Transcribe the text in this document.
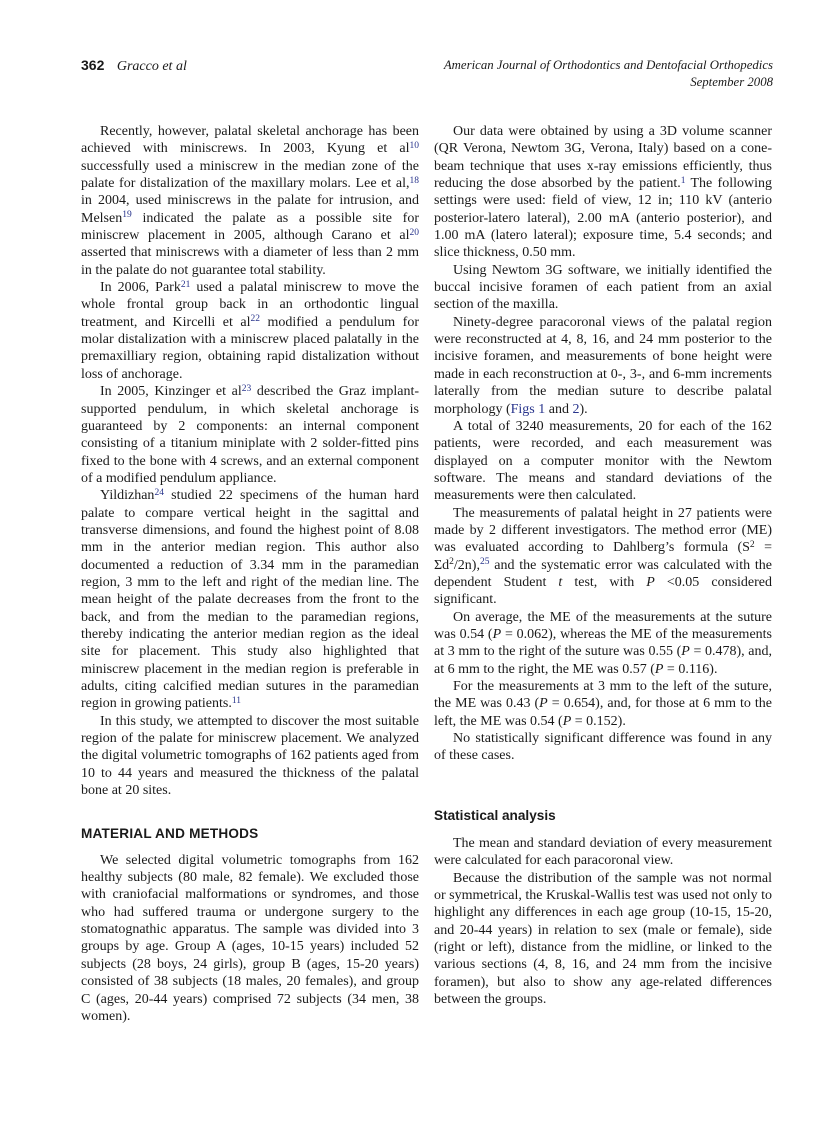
362 Gracco et al	American Journal of Orthodontics and Dentofacial Orthopedics
September 2008

Recently, however, palatal skeletal anchorage has been achieved with miniscrews. In 2003, Kyung et al$^{10}$ successfully used a miniscrew in the median zone of the palate for distalization of the maxillary molars. Lee et al,$^{18}$ in 2004, used miniscrews in the palate for intrusion, and Melsen$^{19}$ indicated the palate as a possible site for miniscrew placement in 2005, although Carano et al$^{20}$ asserted that miniscrews with a diameter of less than 2 mm in the palate do not guarantee total stability.

In 2006, Park$^{21}$ used a palatal miniscrew to move the whole frontal group back in an orthodontic lingual treatment, and Kircelli et al$^{22}$ modified a pendulum for molar distalization with a miniscrew placed palatally in the premaxilliary region, obtaining rapid distalization without loss of anchorage.

In 2005, Kinzinger et al$^{23}$ described the Graz implant-supported pendulum, in which skeletal anchorage is guaranteed by 2 components: an internal component consisting of a titanium miniplate with 2 solder-fitted pins fixed to the bone with 4 screws, and an external component of a modified pendulum appliance.

Yildizhan$^{24}$ studied 22 specimens of the human hard palate to compare vertical height in the sagittal and transverse dimensions, and found the highest point of 8.08 mm in the anterior median region. This author also documented a reduction of 3.34 mm in the paramedian region, 3 mm to the left and right of the median line. The mean height of the palate decreases from the front to the back, and from the median to the paramedian regions, thereby indicating the anterior median region as the ideal site for placement. This study also highlighted that miniscrew placement in the median region is preferable in adults, citing calcified median sutures in the paramedian region in growing patients.$^{11}$

In this study, we attempted to discover the most suitable region of the palate for miniscrew placement. We analyzed the digital volumetric tomographs of 162 patients aged from 10 to 44 years and measured the thickness of the palatal bone at 20 sites.

MATERIAL AND METHODS

We selected digital volumetric tomographs from 162 healthy subjects (80 male, 82 female). We excluded those with craniofacial malformations or syndromes, and those who had suffered trauma or undergone surgery to the stomatognathic apparatus. The sample was divided into 3 groups by age. Group A (ages, 10-15 years) included 52 subjects (28 boys, 24 girls), group B (ages, 15-20 years) consisted of 38 subjects (18 males, 20 females), and group C (ages, 20-44 years) comprised 72 subjects (34 men, 38 women).

Our data were obtained by using a 3D volume scanner (QR Verona, Newtom 3G, Verona, Italy) based on a cone-beam technique that uses x-ray emissions efficiently, thus reducing the dose absorbed by the patient.$^1$ The following settings were used: field of view, 12 in; 110 kV (anterio posterior-latero lateral), 2.00 mA (anterio posterior), and 1.00 mA (latero lateral); exposure time, 5.4 seconds; and slice thickness, 0.50 mm.

Using Newtom 3G software, we initially identified the buccal incisive foramen of each patient from an axial section of the maxilla.

Ninety-degree paracoronal views of the palatal region were reconstructed at 4, 8, 16, and 24 mm posterior to the incisive foramen, and measurements of bone height were made in each reconstruction at 0-, 3-, and 6-mm increments laterally from the median suture to describe palatal morphology (Figs 1 and 2).

A total of 3240 measurements, 20 for each of the 162 patients, were recorded, and each measurement was displayed on a computer monitor with the Newtom software. The means and standard deviations of the measurements were then calculated.

The measurements of palatal height in 27 patients were made by 2 different investigators. The method error (ME) was evaluated according to Dahlberg’s formula $(S^2 = \Sigma d^2/2n),^{25}$ and the systematic error was calculated with the dependent Student t test, with P <0.05 considered significant.

On average, the ME of the measurements at the suture was 0.54 (P = 0.062), whereas the ME of the measurements at 3 mm to the right of the suture was 0.55 (P = 0.478), and, at 6 mm to the right, the ME was 0.57 (P = 0.116).

For the measurements at 3 mm to the left of the suture, the ME was 0.43 (P = 0.654), and, for those at 6 mm to the left, the ME was 0.54 (P = 0.152).

No statistically significant difference was found in any of these cases.

Statistical analysis

The mean and standard deviation of every measurement were calculated for each paracoronal view.

Because the distribution of the sample was not normal or symmetrical, the Kruskal-Wallis test was used not only to highlight any differences in each age group (10-15, 15-20, and 20-44 years) in relation to sex (male or female), side (right or left), distance from the midline, or linked to the various sections (4, 8, 16, and 24 mm from the incisive foramen), but also to show any age-related differences between the groups.
